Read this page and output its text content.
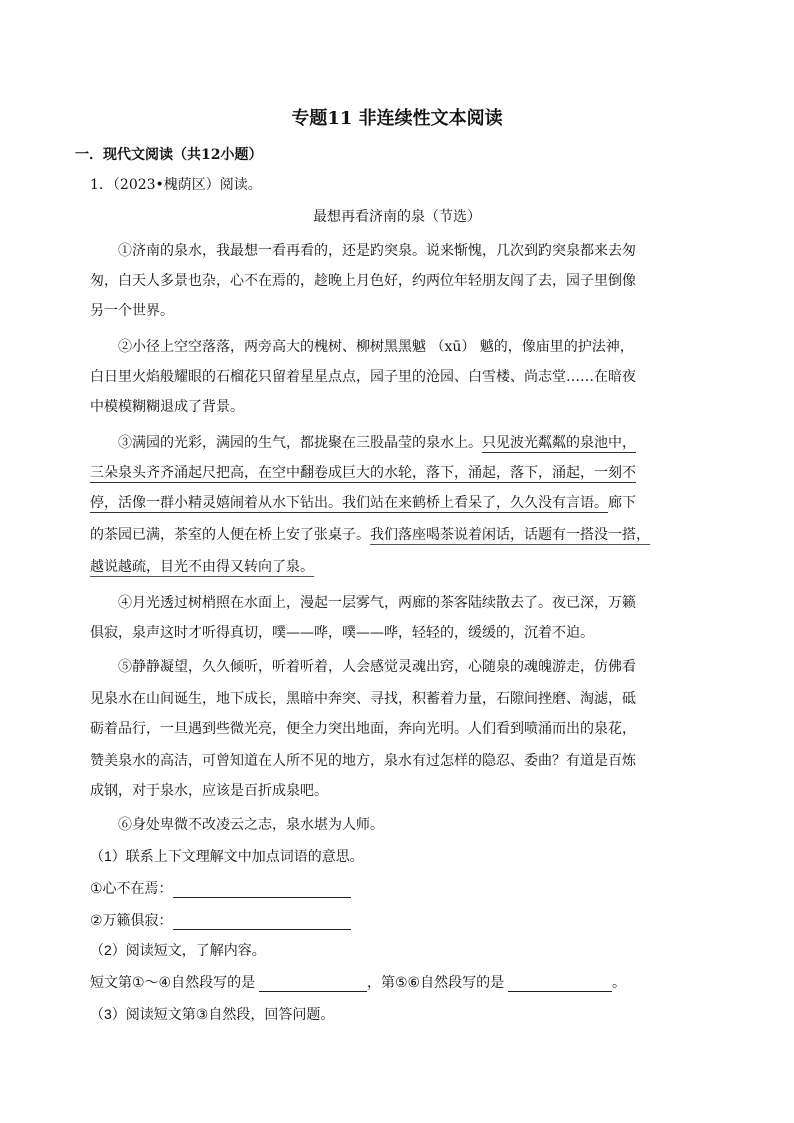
专题11 非连续性文本阅读
一．现代文阅读（共12小题）
1．（2023•槐荫区）阅读。
最想再看济南的泉（节选）
①济南的泉水，我最想一看再看的，还是趵突泉。说来惭愧，几次到趵突泉都来去匆
匆，白天人多景也杂，心不在焉的，趁晚上月色好，约两位年轻朋友闯了去，园子里倒像
另一个世界。
②小径上空空落落，两旁高大的槐树、柳树黑黑魆 （xū） 魆的，像庙里的护法神，
白日里火焰般耀眼的石榴花只留着星星点点，园子里的沧园、白雪楼、尚志堂……在暗夜
中模模糊糊退成了背景。
③满园的光彩，满园的生气，都拢聚在三股晶莹的泉水上。只见波光粼粼的泉池中，
三朵泉头齐齐涌起尺把高，在空中翻卷成巨大的水轮，落下，涌起，落下，涌起，一刻不
停，活像一群小精灵嬉闹着从水下钻出。我们站在来鹤桥上看呆了，久久没有言语。廊下
的茶园已满，茶室的人便在桥上安了张桌子。我们落座喝茶说着闲话，话题有一搭没一搭，
越说越疏，目光不由得又转向了泉。
④月光透过树梢照在水面上，漫起一层雾气，两廊的茶客陆续散去了。夜已深，万籁
俱寂，泉声这时才听得真切，噗——哗，噗——哗，轻轻的，缓缓的，沉着不迫。
⑤静静凝望，久久倾听，听着听着，人会感觉灵魂出窍，心随泉的魂魄游走，仿佛看
见泉水在山间诞生，地下成长，黑暗中奔突、寻找，积蓄着力量，石隙间挫磨、淘滤，砥
砺着品行，一旦遇到些微光亮，便全力突出地面，奔向光明。人们看到喷涌而出的泉花，
赞美泉水的高洁，可曾知道在人所不见的地方，泉水有过怎样的隐忍、委曲？有道是百炼
成钢，对于泉水，应该是百折成泉吧。
⑥身处卑微不改凌云之志，泉水堪为人师。
（1）联系上下文理解文中加点词语的意思。
①心不在焉：
②万籁俱寂：
（2）阅读短文，了解内容。
短文第①～④自然段写的是	，第⑤⑥自然段写的是	。
（3）阅读短文第③自然段，回答问题。
